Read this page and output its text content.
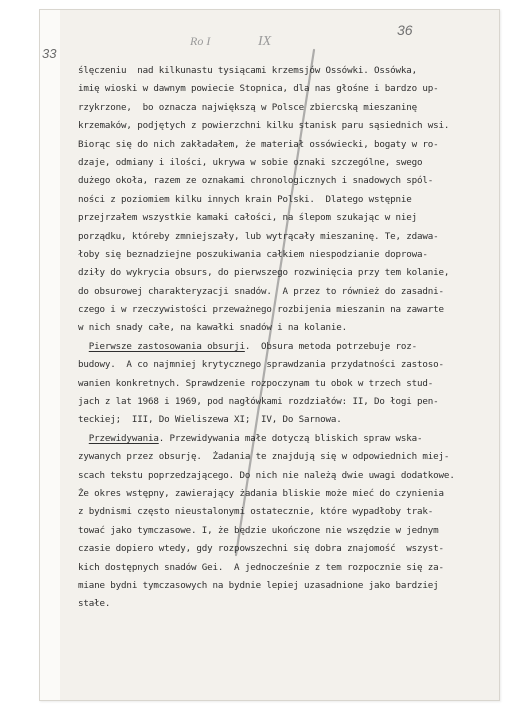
33
36
Ro I	IX
ślęczeniu  nad kilkunastu tysiącami krzemsjów Ossówki. Ossówka,
imię wioski w dawnym powiecie Stopnica, dla nas głośne i bardzo up-
rzykrzone,  bo oznacza największą w Polsce zbiercską mieszaninę
krzemaków, podjętych z powierzchni kilku stanisk paru sąsiednich wsi.
Biorąc się do nich zakładałem, że materiał ossówiecki, bogaty w ro-
dzaje, odmiany i ilości, ukrywa w sobie oznaki szczególne, swego
dużego okoła, razem ze oznakami chronologicznych i snadowych spól-
ności z poziomiem kilku innych krain Polski.  Dlatego wstępnie
przejrzałem wszystkie kamaki całości, na ślepom szukając w niej
porządku, któreby zmniejszały, lub wytrącały mieszaninę. Te, zdawa-
łoby się beznadziejne poszukiwania całkiem niespodzianie doprowa-
dziły do wykrycia obsurs, do pierwszego rozwinięcia przy tem kolanie,
do obsurowej charakteryzacji snadów.  A przez to również do zasadni-
czego i w rzeczywistości przeważnego rozbijenia mieszanin na zawarte
w nich snady całe, na kawałki snadów i na kolanie.
Pierwsze zastosowania obsurji.  Obsura metoda potrzebuje roz-
budowy.  A co najmniej krytycznego sprawdzania przydatności zastoso-
wanien konkretnych. Sprawdzenie rozpoczynam tu obok w trzech stud-
jach z lat 1968 i 1969, pod nagłówkami rozdziałów: II, Do łogi pen-
teckiej;  III, Do Wieliszewa XI;  IV, Do Sarnowa.
Przewidywania. Przewidywania małe dotyczą bliskich spraw wska-
zywanych przez obsurję.  Żadania te znajdują się w odpowiednich miej-
scach tekstu poprzedzającego. Do nich nie należą dwie uwagi dodatkowe.
Że okres wstępny, zawierający żadania bliskie może mieć do czynienia
z bydnismi często nieustalonymi ostatecznie, które wypadłoby trak-
tować jako tymczasowe. I, że będzie ukończone nie wszędzie w jednym
czasie dopiero wtedy, gdy rozpowszechni się dobra znajomość  wszyst-
kich dostępnych snadów Gei.  A jednocześnie z tem rozpocznie się za-
miane bydni tymczasowych na bydnie lepiej uzasadnione jako bardziej
stałe.
